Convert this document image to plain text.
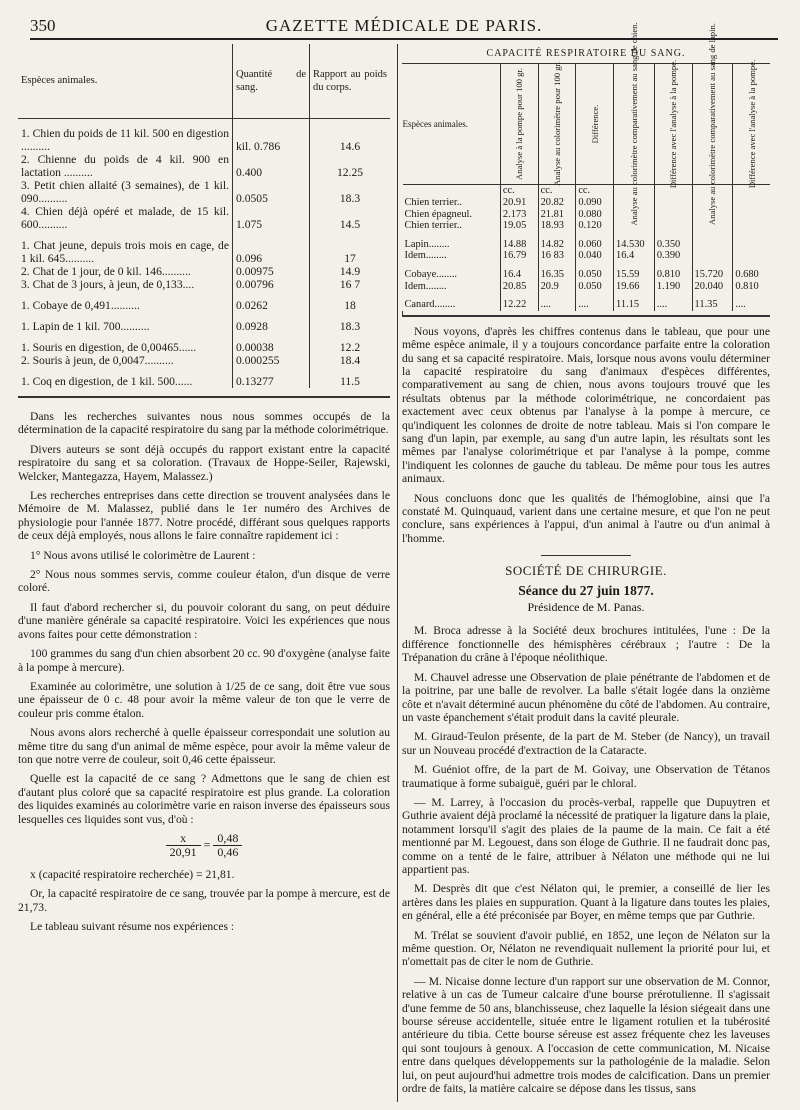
350	GAZETTE MÉDICALE DE PARIS.
Espèces animales.	Quantité de sang.	Rapport au poids du corps.

1. Chien du poids de 11 kil. 500 en digestion ..........	kil. 0.786	14.6
2. Chienne du poids de 4 kil. 900 en lactation ..........	0.400	12.25
3. Petit chien allaité (3 semaines), de 1 kil. 090..........	0.0505	18.3
4. Chien déjà opéré et malade, de 15 kil. 600..........	1.075	14.5

1. Chat jeune, depuis trois mois en cage, de 1 kil. 645..........	0.096	17
2. Chat de 1 jour, de 0 kil. 146..........	0.00975	14.9
3. Chat de 3 jours, à jeun, de 0,133....	0.00796	16 7

1. Cobaye de 0,491..........	0.0262	18

1. Lapin de 1 kil. 700..........	0.0928	18.3

1. Souris en digestion, de 0,00465......	0.00038	12.2
2. Souris à jeun, de 0,0047..........	0.000255	18.4

1. Coq en digestion, de 1 kil. 500......	0.13277	11.5

Dans les recherches suivantes nous nous sommes occupés de la détermination de la capacité respiratoire du sang par la méthode colorimétrique.

Divers auteurs se sont déjà occupés du rapport existant entre la capacité respiratoire du sang et sa coloration. (Travaux de Hoppe-Seiler, Rajewski, Welcker, Mantegazza, Hayem, Malassez.)

Les recherches entreprises dans cette direction se trouvent analysées dans le Mémoire de M. Malassez, publié dans le 1er numéro des Archives de physiologie pour l'année 1877. Notre procédé, différant sous quelques rapports de ceux déjà employés, nous allons le faire connaître rapidement ici :

1° Nous avons utilisé le colorimètre de Laurent :

2° Nous nous sommes servis, comme couleur étalon, d'un disque de verre coloré.

Il faut d'abord rechercher si, du pouvoir colorant du sang, on peut déduire d'une manière générale sa capacité respiratoire. Voici les expériences que nous avons faites pour cette démonstration :

100 grammes du sang d'un chien absorbent 20 cc. 90 d'oxygène (analyse faite à la pompe à mercure).

Examinée au colorimètre, une solution à 1/25 de ce sang, doit être vue sous une épaisseur de 0 c. 48 pour avoir la même valeur de ton que le verre de couleur pris comme étalon.

Nous avons alors recherché à quelle épaisseur correspondait une solution au même titre du sang d'un animal de même espèce, pour avoir la même valeur de ton que notre verre de couleur, soit 0,46 cette épaisseur.

Quelle est la capacité de ce sang ? Admettons que le sang de chien est d'autant plus coloré que sa capacité respiratoire est plus grande. La coloration des liquides examinés au colorimètre varie en raison inverse des épaisseurs sous lesquelles ces liquides sont vus, d'où :

$\frac{x}{20,91} = \frac{0,48}{0,46}$

x (capacité respiratoire recherchée) = 21,81.

Or, la capacité respiratoire de ce sang, trouvée par la pompe à mercure, est de 21,73.

Le tableau suivant résume nos expériences :

CAPACITÉ RESPIRATOIRE DU SANG.
Espèces animales.	Analyse à la pompe pour 100 gr.	Analyse au colorimètre pour 100 gr.	Différence.	Analyse au colorimètre comparativement au sang de chien.	Différence avec l'analyse à la pompe.	Analyse au colorimètre comparativement au sang de lapin.	Différence avec l'analyse à la pompe.

	cc.	cc.	cc.				
Chien terrier..	20.91	20.82	0.090				
Chien épagneul.	2.173	21.81	0.080				
Chien terrier..	19.05	18.93	0.120				

Lapin........	14.88	14.82	0.060	14.530	0.350		
Idem........	16.79	16 83	0.040	16.4	0.390		

Cobaye........	16.4	16.35	0.050	15.59	0.810	15.720	0.680
Idem........	20.85	20.9	0.050	19.66	1.190	20.040	0.810

Canard........	12.22	....	....	11.15	....	11.35	....

Nous voyons, d'après les chiffres contenus dans le tableau, que pour une même espèce animale, il y a toujours concordance parfaite entre la coloration du sang et sa capacité respiratoire. Mais, lorsque nous avons voulu déterminer la capacité respiratoire du sang d'animaux d'espèces différentes, comparativement au sang de chien, nous avons toujours trouvé que les résultats obtenus par la méthode colorimétrique, ne concordaient pas exactement avec ceux obtenus par l'analyse à la pompe à mercure, ce qu'indiquent les colonnes de droite de notre tableau. Mais si l'on compare le sang d'un lapin, par exemple, au sang d'un autre lapin, les résultats sont les mêmes par l'analyse colorimétrique et par l'analyse à la pompe, comme l'indiquent les colonnes de gauche du tableau. De même pour tous les autres animaux.

Nous concluons donc que les qualités de l'hémoglobine, ainsi que l'a constaté M. Quinquaud, varient dans une certaine mesure, et que l'on ne peut conclure, sans expériences à l'appui, d'un animal à l'autre ou d'un animal à l'homme.

SOCIÉTÉ DE CHIRURGIE.
Séance du 27 juin 1877.
Présidence de M. Panas.

M. Broca adresse à la Société deux brochures intitulées, l'une : De la différence fonctionnelle des hémisphères cérébraux ; l'autre : De la Trépanation du crâne à l'époque néolithique.

M. Chauvel adresse une Observation de plaie pénétrante de l'abdomen et de la poitrine, par une balle de revolver. La balle s'était logée dans la onzième côte et n'avait déterminé aucun phénomène du côté de l'abdomen. Au contraire, un vaste épanchement s'était produit dans la cavité pleurale.

M. Giraud-Teulon présente, de la part de M. Steber (de Nancy), un travail sur un Nouveau procédé d'extraction de la Cataracte.

M. Guéniot offre, de la part de M. Goivay, une Observation de Tétanos traumatique à forme subaiguë, guéri par le chloral.

— M. Larrey, à l'occasion du procès-verbal, rappelle que Dupuytren et Guthrie avaient déjà proclamé la nécessité de pratiquer la ligature dans la plaie, notamment lorsqu'il s'agit des plaies de la paume de la main. Ce fait a été mentionné par M. Legouest, dans son éloge de Guthrie. Il ne faudrait donc pas, comme on a tenté de le faire, attribuer à Nélaton une méthode qui ne lui appartient pas.

M. Desprès dit que c'est Nélaton qui, le premier, a conseillé de lier les artères dans les plaies en suppuration. Quant à la ligature dans toutes les plaies, en général, elle a été préconisée par Boyer, en même temps que par Guthrie.

M. Trélat se souvient d'avoir publié, en 1852, une leçon de Nélaton sur la même question. Or, Nélaton ne revendiquait nullement la priorité pour lui, et n'omettait pas de citer le nom de Guthrie.

— M. Nicaise donne lecture d'un rapport sur une observation de M. Connor, relative à un cas de Tumeur calcaire d'une bourse prérotulienne. Il s'agissait d'une femme de 50 ans, blanchisseuse, chez laquelle la lésion siégeait dans une bourse séreuse accidentelle, située entre le ligament rotulien et la tubérosité antérieure du tibia. Cette bourse séreuse est assez fréquente chez les laveuses qui sont toujours à genoux. A l'occasion de cette communication, M. Nicaise entre dans quelques développements sur la pathologénie de la maladie. Selon lui, on peut aujourd'hui admettre trois modes de calcification. Dans un premier ordre de faits, la matière calcaire se dépose dans les tissus, sans
